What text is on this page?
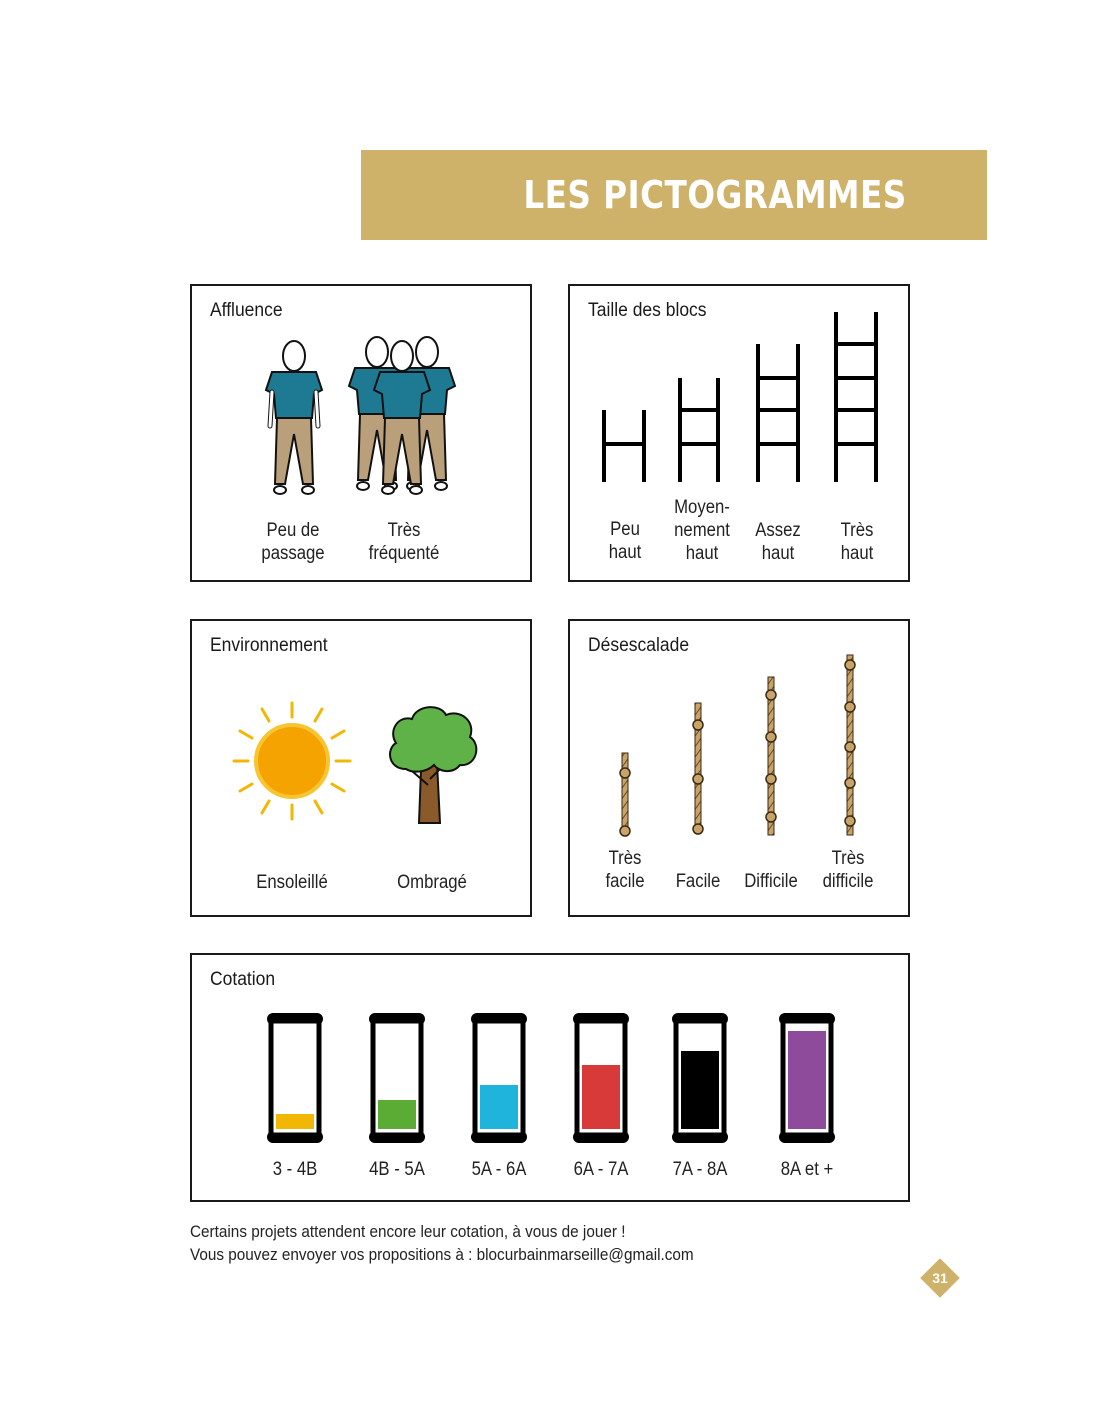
LES PICTOGRAMMES
Affluence
Peu de
passage
Très
fréquenté
Taille des blocs
Peu
haut
Moyen-
nement
haut
Assez
haut
Très
haut
Environnement
Ensoleillé	Ombragé
Désescalade
Très
facile Facile Difficile
Très
difficile
Cotation
3 - 4B	4B - 5A 5A - 6A 6A - 7A 7A - 8A	8A et +
Certains projets attendent encore leur cotation, à vous de jouer !
Vous pouvez envoyer vos propositions à : blocurbainmarseille@gmail.com
31
